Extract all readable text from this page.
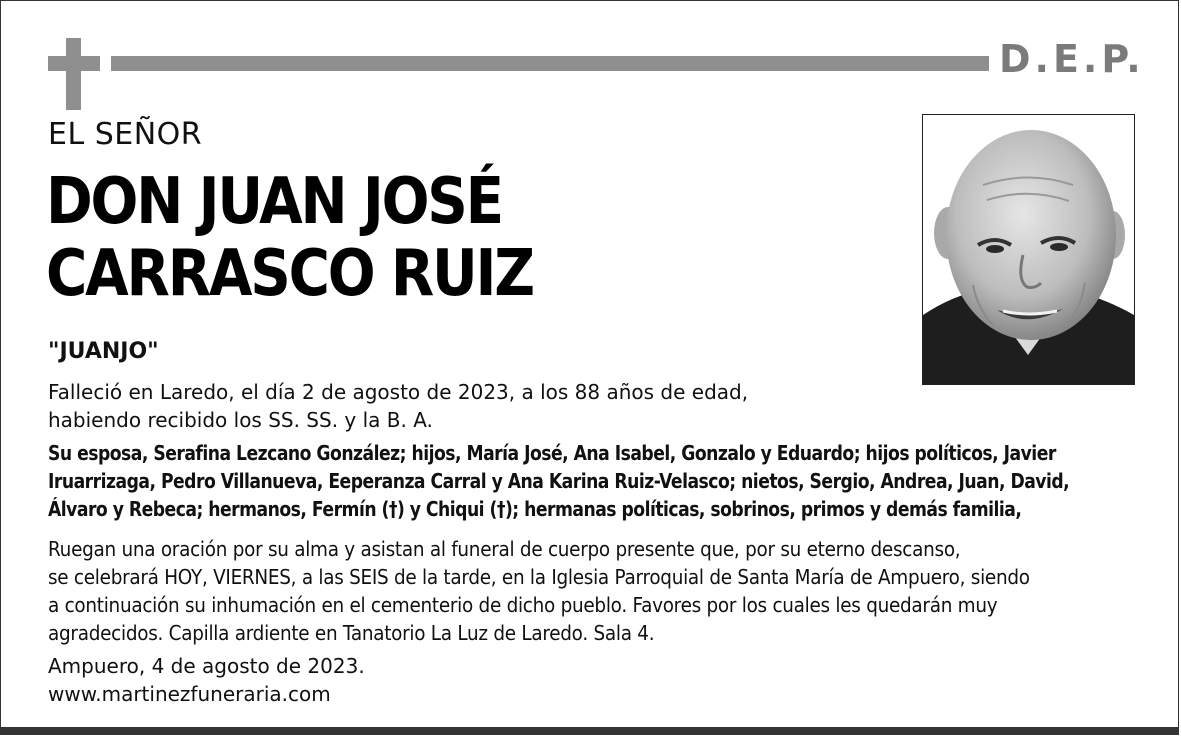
D.E.P.
EL SEÑOR
DON JUAN JOSÉ
CARRASCO RUIZ
"JUANJO"
Falleció en Laredo, el día 2 de agosto de 2023, a los 88 años de edad,
habiendo recibido los SS. SS. y la B. A.
Su esposa, Serafina Lezcano González; hijos, María José, Ana Isabel, Gonzalo y Eduardo; hijos políticos, Javier
Iruarrizaga, Pedro Villanueva, Eeperanza Carral y Ana Karina Ruiz-Velasco; nietos, Sergio, Andrea, Juan, David,
Álvaro y Rebeca; hermanos, Fermín (†) y Chiqui (†); hermanas políticas, sobrinos, primos y demás familia,
Ruegan una oración por su alma y asistan al funeral de cuerpo presente que, por su eterno descanso,
se celebrará HOY, VIERNES, a las SEIS de la tarde, en la Iglesia Parroquial de Santa María de Ampuero, siendo
a continuación su inhumación en el cementerio de dicho pueblo. Favores por los cuales les quedarán muy
agradecidos. Capilla ardiente en Tanatorio La Luz de Laredo. Sala 4.
Ampuero, 4 de agosto de 2023.
www.martinezfuneraria.com
